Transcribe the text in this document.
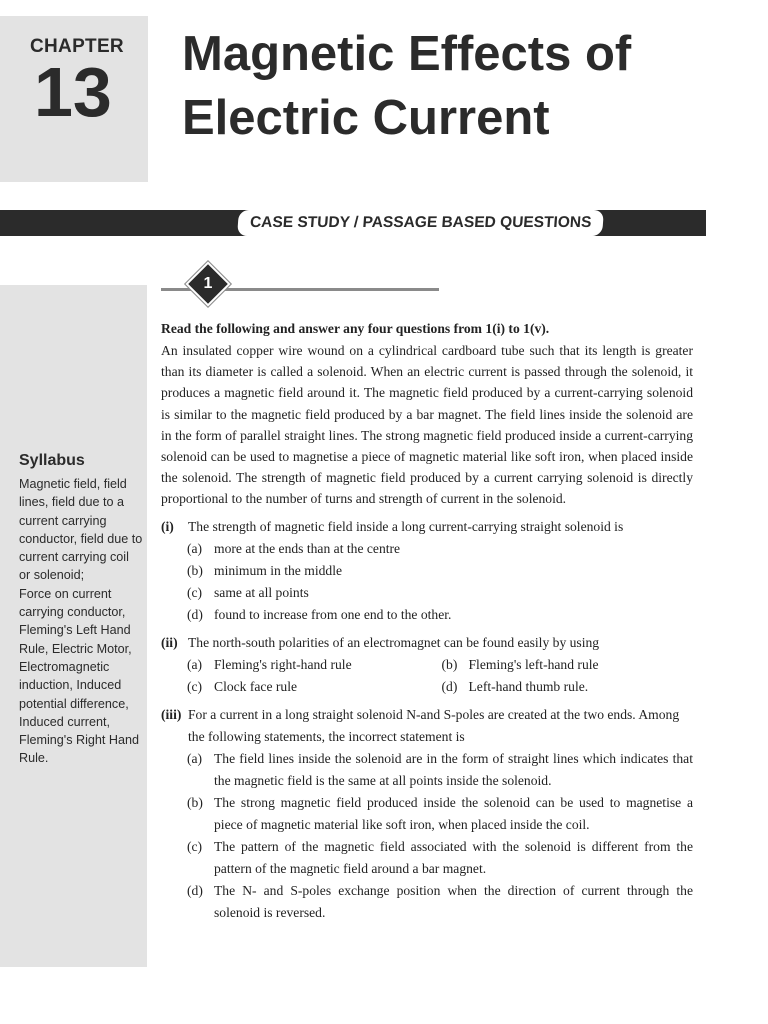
CHAPTER
13 Magnetic Effects of Electric Current
CASE STUDY / PASSAGE BASED QUESTIONS
Syllabus

Magnetic field, field lines, field due to a current carrying conductor, field due to current carrying coil or solenoid;

Force on current carrying conductor, Fleming's Left Hand Rule, Electric Motor, Electromagnetic induction, Induced potential difference, Induced current, Fleming's Right Hand Rule.

1

Read the following and answer any four questions from 1(i) to 1(v).

An insulated copper wire wound on a cylindrical cardboard tube such that its length is greater than its diameter is called a solenoid. When an electric current is passed through the solenoid, it produces a magnetic field around it. The magnetic field produced by a current-carrying solenoid is similar to the magnetic field produced by a bar magnet. The field lines inside the solenoid are in the form of parallel straight lines. The strong magnetic field produced inside a current-carrying solenoid can be used to magnetise a piece of magnetic material like soft iron, when placed inside the solenoid. The strength of magnetic field produced by a current carrying solenoid is directly proportional to the number of turns and strength of current in the solenoid.

(i) The strength of magnetic field inside a long current-carrying straight solenoid is
(a) more at the ends than at the centre
(b) minimum in the middle
(c) same at all points
(d) found to increase from one end to the other.
(ii) The north-south polarities of an electromagnet can be found easily by using
(a) Fleming's right-hand rule	(b) Fleming's left-hand rule
(c) Clock face rule	(d) Left-hand thumb rule.
(iii) For a current in a long straight solenoid N-and S-poles are created at the two ends. Among the following statements, the incorrect statement is
(a) The field lines inside the solenoid are in the form of straight lines which indicates that the magnetic field is the same at all points inside the solenoid.
(b) The strong magnetic field produced inside the solenoid can be used to magnetise a piece of magnetic material like soft iron, when placed inside the coil.
(c) The pattern of the magnetic field associated with the solenoid is different from the pattern of the magnetic field around a bar magnet.
(d) The N- and S-poles exchange position when the direction of current through the solenoid is reversed.
